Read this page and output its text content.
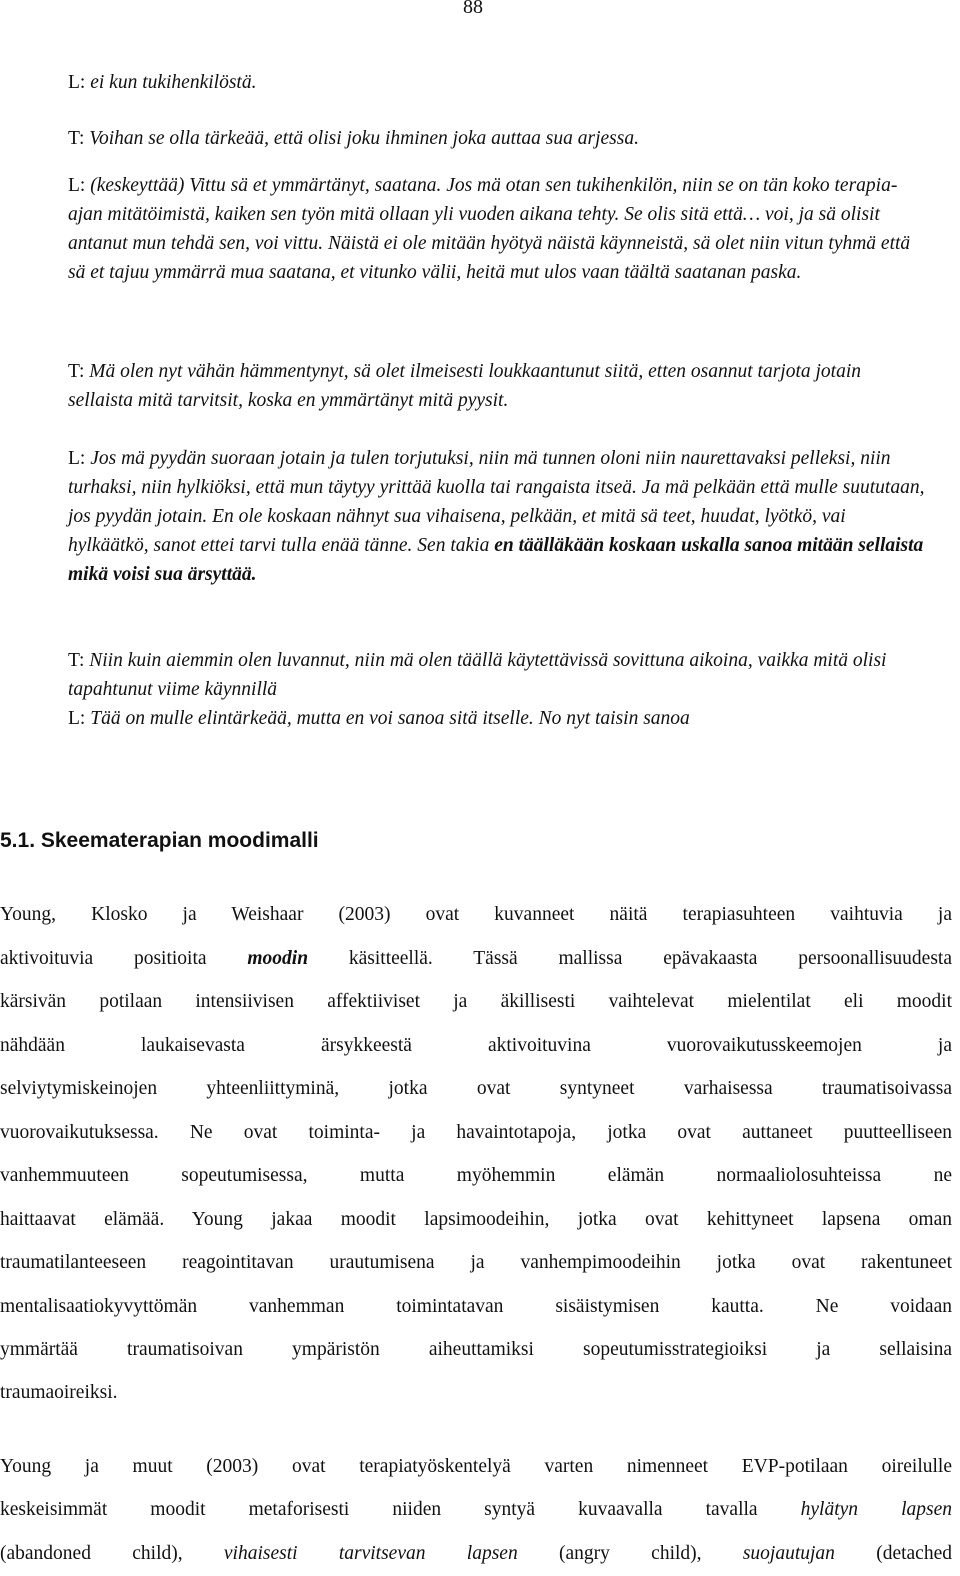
88
L: ei kun tukihenkilöstä.
T: Voihan se olla tärkeää, että olisi joku ihminen joka auttaa sua arjessa.
L: (keskeyttää) Vittu sä et ymmärtänyt, saatana. Jos mä otan sen tukihenkilön, niin se on tän koko terapia-ajan mitätöimistä, kaiken sen työn mitä ollaan yli vuoden aikana tehty. Se olis sitä että… voi, ja sä olisit antanut mun tehdä sen, voi vittu. Näistä ei ole mitään hyötyä näistä käynneistä, sä olet niin vitun tyhmä että sä et tajuu ymmärrä mua saatana, et vitunko välii, heitä mut ulos vaan täältä saatanan paska.
T: Mä olen nyt vähän hämmentynyt, sä olet ilmeisesti loukkaantunut siitä, etten osannut tarjota jotain sellaista mitä tarvitsit, koska en ymmärtänyt mitä pyysit.
L: Jos mä pyydän suoraan jotain ja tulen torjutuksi, niin mä tunnen oloni niin naurettavaksi pelleksi, niin turhaksi, niin hylkiöksi, että mun täytyy yrittää kuolla tai rangaista itseä. Ja mä pelkään että mulle suututaan, jos pyydän jotain. En ole koskaan nähnyt sua vihaisena, pelkään, et mitä sä teet, huudat, lyötkö, vai hylkäätkö, sanot ettei tarvi tulla enää tänne. Sen takia en täälläkään koskaan uskalla sanoa mitään sellaista mikä voisi sua ärsyttää.
T: Niin kuin aiemmin olen luvannut, niin mä olen täällä käytettävissä sovittuna aikoina, vaikka mitä olisi tapahtunut viime käynnillä
L: Tää on mulle elintärkeää, mutta en voi sanoa sitä itselle. No nyt taisin sanoa
5.1. Skeematerapian moodimalli
Young, Klosko ja Weishaar (2003) ovat kuvanneet näitä terapiasuhteen vaihtuvia ja
aktivoituvia positioita moodin käsitteellä. Tässä mallissa epävakaasta persoonallisuudesta
kärsivän potilaan intensiivisen affektiiviset ja äkillisesti vaihtelevat mielentilat eli moodit
nähdään laukaisevasta ärsykkeestä aktivoituvina vuorovaikutusskeemojen ja
selviytymiskeinojen yhteenliittyminä, jotka ovat syntyneet varhaisessa traumatisoivassa
vuorovaikutuksessa. Ne ovat toiminta- ja havaintotapoja, jotka ovat auttaneet puutteelliseen
vanhemmuuteen sopeutumisessa, mutta myöhemmin elämän normaaliolosuhteissa ne
haittaavat elämää. Young jakaa moodit lapsimoodeihin, jotka ovat kehittyneet lapsena oman
traumatilanteeseen reagointitavan urautumisena ja vanhempimoodeihin jotka ovat rakentuneet
mentalisaatiokyvyttömän vanhemman toimintatavan sisäistymisen kautta. Ne voidaan
ymmärtää traumatisoivan ympäristön aiheuttamiksi sopeutumisstrategioiksi ja sellaisina
traumaoireiksi.
Young ja muut (2003) ovat terapiatyöskentelyä varten nimenneet EVP-potilaan oireilulle
keskeisimmät moodit metaforisesti niiden syntyä kuvaavalla tavalla hylätyn lapsen
(abandoned child), vihaisesti tarvitsevan lapsen (angry child), suojautujan (detached
